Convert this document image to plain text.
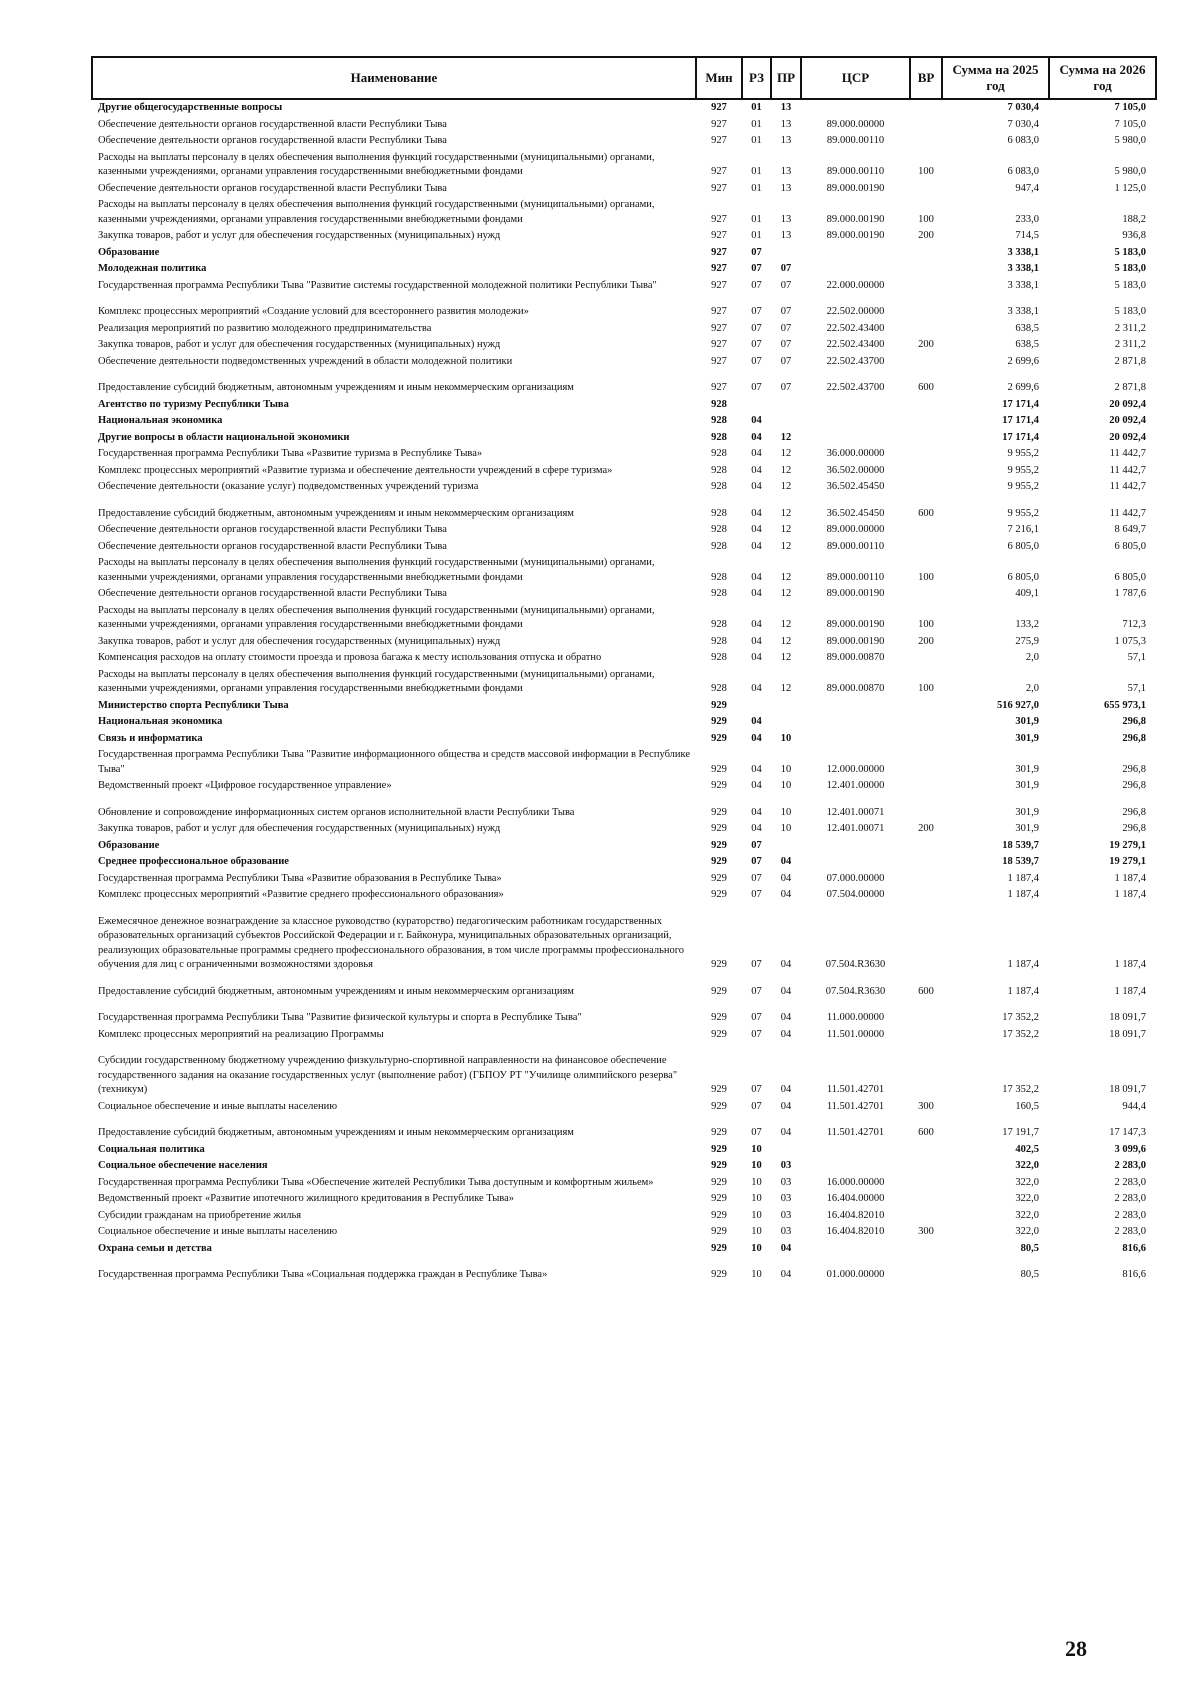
Наименование	Мин	РЗ	ПР	ЦСР	ВР	Сумма на 2025 год	Сумма на 2026 год
Другие общегосударственные вопросы	927	01	13			7 030,4	7 105,0
Обеспечение деятельности органов государственной власти Республики Тыва	927	01	13	89.000.00000		7 030,4	7 105,0
Обеспечение деятельности органов государственной власти Республики Тыва	927	01	13	89.000.00110		6 083,0	5 980,0
Расходы на выплаты персоналу в целях обеспечения выполнения функций государственными (муниципальными) органами, казенными учреждениями, органами управления государственными внебюджетными фондами	927	01	13	89.000.00110	100	6 083,0	5 980,0
Обеспечение деятельности органов государственной власти Республики Тыва	927	01	13	89.000.00190		947,4	1 125,0
Расходы на выплаты персоналу в целях обеспечения выполнения функций государственными (муниципальными) органами, казенными учреждениями, органами управления государственными внебюджетными фондами	927	01	13	89.000.00190	100	233,0	188,2
Закупка товаров, работ и услуг для обеспечения государственных (муниципальных) нужд	927	01	13	89.000.00190	200	714,5	936,8
Образование	927	07				3 338,1	5 183,0
Молодежная политика	927	07	07			3 338,1	5 183,0
Государственная программа Республики Тыва "Развитие системы государственной молодежной политики Республики Тыва"	927	07	07	22.000.00000		3 338,1	5 183,0
Комплекс процессных мероприятий «Создание условий для всестороннего развития молодежи»	927	07	07	22.502.00000		3 338,1	5 183,0
Реализация мероприятий по развитию молодежного предпринимательства	927	07	07	22.502.43400		638,5	2 311,2
Закупка товаров, работ и услуг для обеспечения государственных (муниципальных) нужд	927	07	07	22.502.43400	200	638,5	2 311,2
Обеспечение деятельности подведомственных учреждений в области молодежной политики	927	07	07	22.502.43700		2 699,6	2 871,8
Предоставление субсидий бюджетным, автономным учреждениям и иным некоммерческим организациям	927	07	07	22.502.43700	600	2 699,6	2 871,8
Агентство по туризму Республики Тыва	928					17 171,4	20 092,4
Национальная экономика	928	04				17 171,4	20 092,4
Другие вопросы в области национальной экономики	928	04	12			17 171,4	20 092,4
Государственная программа Республики Тыва «Развитие туризма в Республике Тыва»	928	04	12	36.000.00000		9 955,2	11 442,7
Комплекс процессных мероприятий «Развитие туризма и обеспечение деятельности учреждений в сфере туризма»	928	04	12	36.502.00000		9 955,2	11 442,7
Обеспечение деятельности (оказание услуг) подведомственных учреждений туризма	928	04	12	36.502.45450		9 955,2	11 442,7
Предоставление субсидий бюджетным, автономным учреждениям и иным некоммерческим организациям	928	04	12	36.502.45450	600	9 955,2	11 442,7
Обеспечение деятельности органов государственной власти Республики Тыва	928	04	12	89.000.00000		7 216,1	8 649,7
Обеспечение деятельности органов государственной власти Республики Тыва	928	04	12	89.000.00110		6 805,0	6 805,0
Расходы на выплаты персоналу в целях обеспечения выполнения функций государственными (муниципальными) органами, казенными учреждениями, органами управления государственными внебюджетными фондами	928	04	12	89.000.00110	100	6 805,0	6 805,0
Обеспечение деятельности органов государственной власти Республики Тыва	928	04	12	89.000.00190		409,1	1 787,6
Расходы на выплаты персоналу в целях обеспечения выполнения функций государственными (муниципальными) органами, казенными учреждениями, органами управления государственными внебюджетными фондами	928	04	12	89.000.00190	100	133,2	712,3
Закупка товаров, работ и услуг для обеспечения государственных (муниципальных) нужд	928	04	12	89.000.00190	200	275,9	1 075,3
Компенсация расходов на оплату стоимости проезда и провоза багажа к месту использования отпуска и обратно	928	04	12	89.000.00870		2,0	57,1
Расходы на выплаты персоналу в целях обеспечения выполнения функций государственными (муниципальными) органами, казенными учреждениями, органами управления государственными внебюджетными фондами	928	04	12	89.000.00870	100	2,0	57,1
Министерство спорта Республики Тыва	929					516 927,0	655 973,1
Национальная экономика	929	04				301,9	296,8
Связь и информатика	929	04	10			301,9	296,8
Государственная программа Республики Тыва "Развитие информационного общества и средств массовой информации в Республике Тыва"	929	04	10	12.000.00000		301,9	296,8
Ведомственный проект «Цифровое государственное управление»	929	04	10	12.401.00000		301,9	296,8
Обновление и сопровождение информационных систем органов исполнительной власти Республики Тыва	929	04	10	12.401.00071		301,9	296,8
Закупка товаров, работ и услуг для обеспечения государственных (муниципальных) нужд	929	04	10	12.401.00071	200	301,9	296,8
Образование	929	07				18 539,7	19 279,1
Среднее профессиональное образование	929	07	04			18 539,7	19 279,1
Государственная программа Республики Тыва «Развитие образования в Республике Тыва»	929	07	04	07.000.00000		1 187,4	1 187,4
Комплекс процессных мероприятий «Развитие среднего профессионального образования»	929	07	04	07.504.00000		1 187,4	1 187,4
Ежемесячное денежное вознаграждение за классное руководство (кураторство) педагогическим работникам государственных образовательных организаций субъектов Российской Федерации и г. Байконура, муниципальных образовательных организаций, реализующих образовательные программы среднего профессионального образования, в том числе программы профессионального обучения для лиц с ограниченными возможностями здоровья	929	07	04	07.504.R3630		1 187,4	1 187,4
Предоставление субсидий бюджетным, автономным учреждениям и иным некоммерческим организациям	929	07	04	07.504.R3630	600	1 187,4	1 187,4
Государственная программа Республики Тыва "Развитие физической культуры и спорта в Республике Тыва"	929	07	04	11.000.00000		17 352,2	18 091,7
Комплекс процессных мероприятий на реализацию Программы	929	07	04	11.501.00000		17 352,2	18 091,7
Субсидии государственному бюджетному учреждению физкультурно-спортивной направленности на финансовое обеспечение государственного задания на оказание государственных услуг (выполнение работ) (ГБПОУ РТ "Училище олимпийского резерва" (техникум)	929	07	04	11.501.42701		17 352,2	18 091,7
Социальное обеспечение и иные выплаты населению	929	07	04	11.501.42701	300	160,5	944,4
Предоставление субсидий бюджетным, автономным учреждениям и иным некоммерческим организациям	929	07	04	11.501.42701	600	17 191,7	17 147,3
Социальная политика	929	10				402,5	3 099,6
Социальное обеспечение населения	929	10	03			322,0	2 283,0
Государственная программа Республики Тыва «Обеспечение жителей Республики Тыва доступным и комфортным жильем»	929	10	03	16.000.00000		322,0	2 283,0
Ведомственный проект «Развитие ипотечного жилищного кредитования в Республике Тыва»	929	10	03	16.404.00000		322,0	2 283,0
Субсидии гражданам на приобретение жилья	929	10	03	16.404.82010		322,0	2 283,0
Социальное обеспечение и иные выплаты населению	929	10	03	16.404.82010	300	322,0	2 283,0
Охрана семьи и детства	929	10	04			80,5	816,6
Государственная программа Республики Тыва «Социальная поддержка граждан в Республике Тыва»	929	10	04	01.000.00000		80,5	816,6
28
